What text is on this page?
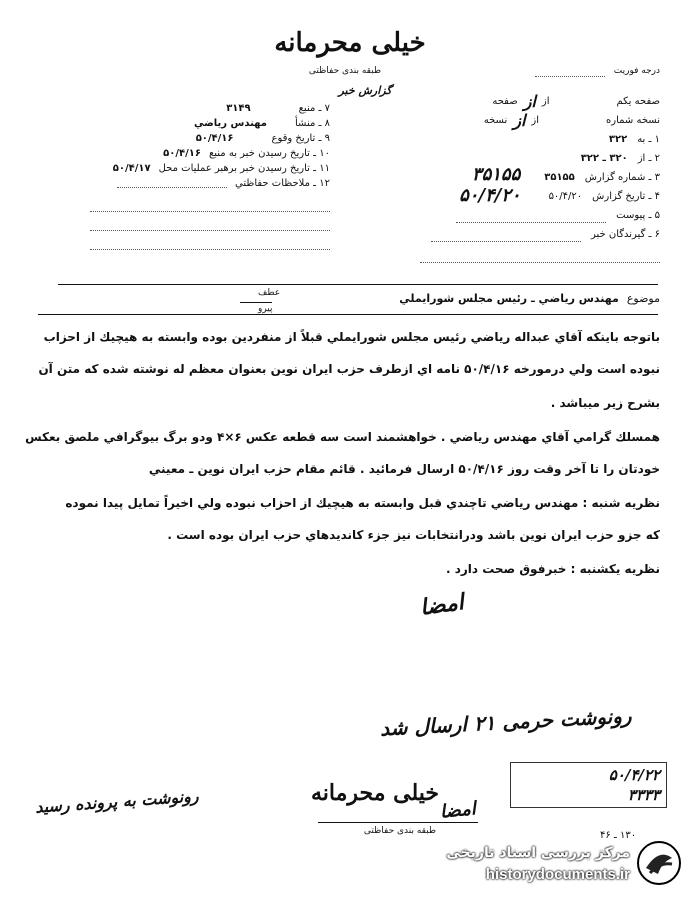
خیلی محرمانه
طبقه بندی حفاظتی
گزارش خبر
درجه فوریت
صفحه يکم
از
از
صفحه
نسخه شماره
از
از
نسخه
۱ ـ به
۳۲۲
۲ ـ از
۳۲۰ ـ ۳۲۲
۳ ـ شماره گزارش
۳۵۱۵۵
۳۵۱۵۵
۴ ـ تاريخ گزارش
۵۰/۴/۲۰
۵۰/۴/۲۰
۵ ـ پيوست
۶ ـ گيرندگان خبر
۷ ـ منبع
۳۱۴۹
۸ ـ منشأ
مهندس رياضي
۹ ـ تاريخ وقوع
۵۰/۴/۱۶
۱۰ ـ تاريخ رسيدن خبر به منبع
۵۰/۴/۱۶
۱۱ ـ تاريخ رسيدن خبر برهبر عمليات محل
۵۰/۴/۱۷
۱۲ ـ ملاحظات حفاظتي
موضوع
مهندس رياضي ـ رئيس مجلس شورايملي
عطف
پيرو
باتوجه باينكه آقاي عبداله رياضي رئيس مجلس شورايملي قبلاً از منفردين بوده وابسته به هيچيك از احزاب
نبوده است ولي درمورخه ۵۰/۴/۱۶ نامه اي ازطرف حزب ايران نوين بعنوان معظم له نوشته شده كه متن آن
بشرح زير ميباشد .
همسلك گرامي آقاي مهندس رياضي . خواهشمند است سه قطعه عكس ۶×۴ ودو برگ بيوگرافي ملصق بعكس
خودتان را تا آخر وقت روز ۵۰/۴/۱۶ ارسال فرمائيد . قائم مقام حزب ايران نوين ـ معيني
نظريه شنبه : مهندس رياضي تاچندي قبل وابسته به هيچيك از احزاب نبوده ولي اخيراً تمايل پيدا نموده
كه جزو حزب ايران نوين باشد ودرانتخابات نيز جزء كانديدهاي حزب ايران بوده است .
نظريه يكشنبه : خبرفوق صحت دارد .
امضا
رونوشت حرمی ۲۱ ارسال شد
۵۰/۴/۲۲
۳۳۳۳
رونوشت به پرونده رسید	خیلی محرمانه
امضا
طبقه بندی حفاظتی	۱۳۰ ـ ۴۶
مرکز بررسی اسناد تاریخی
historydocuments.ir
